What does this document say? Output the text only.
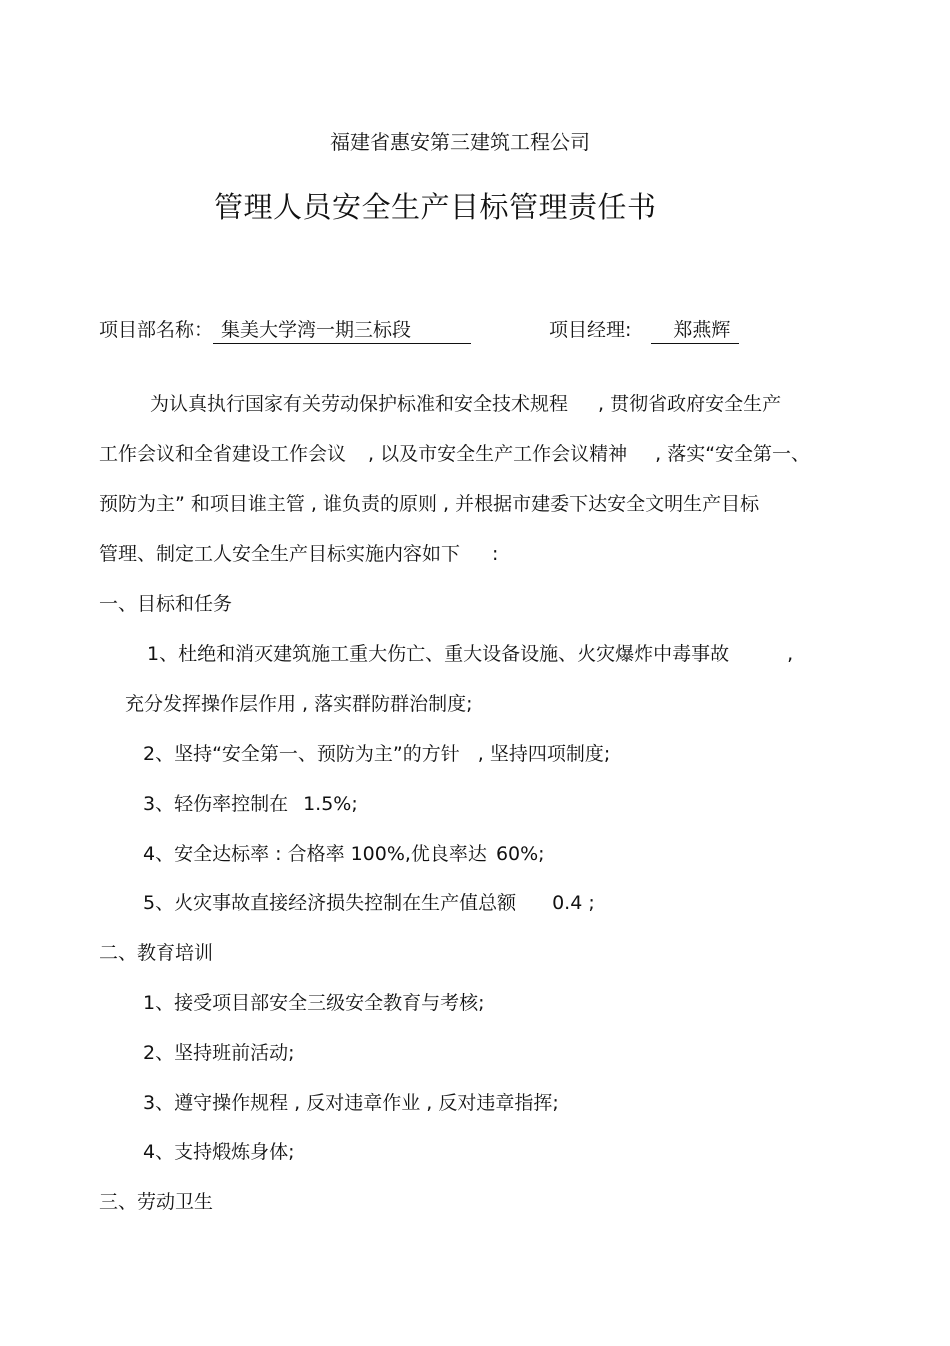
福建省惠安第三建筑工程公司
管理人员安全生产目标管理责任书
项目部名称： 集美大学湾一期三标段	项目经理: 郑燕辉
为认真执行国家有关劳动保护标准和安全技术规程 , 贯彻省政府安全生产
工作会议和全省建设工作会议 , 以及市安全生产工作会议精神 , 落实“安全第一、
预防为主” 和项目谁主管 , 谁负责的原则 , 并根据市建委下达安全文明生产目标
管理、制定工人安全生产目标实施内容如下 :
一、目标和任务
1、杜绝和消灭建筑施工重大伤亡、重大设备设施、火灾爆炸中毒事故	,
充分发挥操作层作用 , 落实群防群治制度;
2、坚持“安全第一、预防为主”的方针 , 坚持四项制度;
3、轻伤率控制在 1.5%;
4、安全达标率 : 合格率 100%,优良率达 60%;
5、火灾事故直接经济损失控制在生产值总额 0.4 ;
二、教育培训
1、接受项目部安全三级安全教育与考核;
2、坚持班前活动;
3、遵守操作规程 , 反对违章作业 , 反对违章指挥;
4、支持煅炼身体;
三、劳动卫生
